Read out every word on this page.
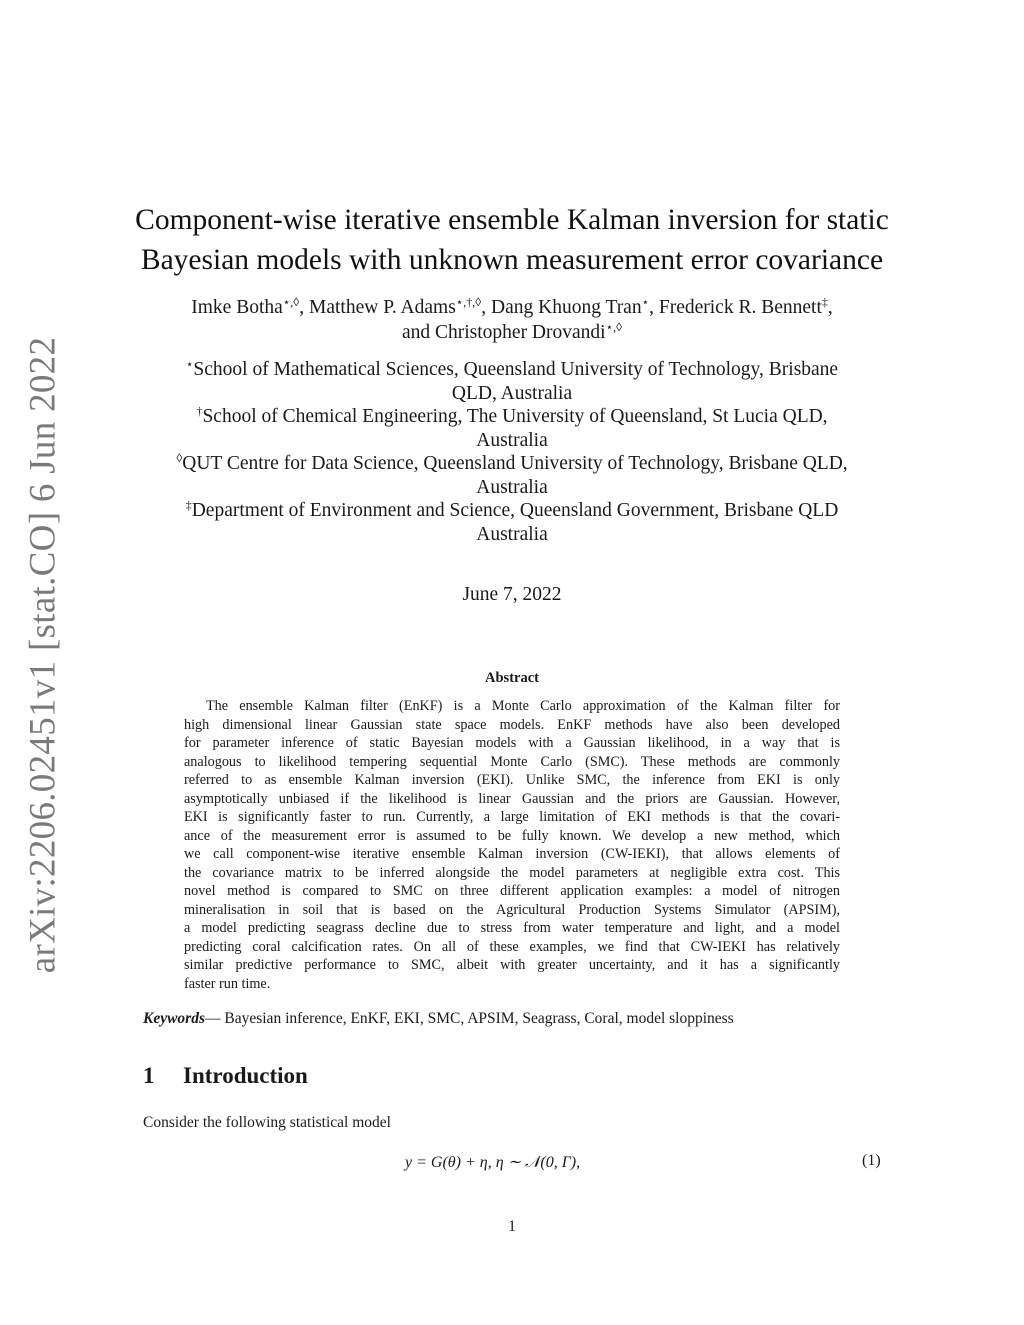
arXiv:2206.02451v1 [stat.CO] 6 Jun 2022
Component-wise iterative ensemble Kalman inversion for static
Bayesian models with unknown measurement error covariance
Imke Botha⋆,◊, Matthew P. Adams⋆,†,◊, Dang Khuong Tran⋆, Frederick R. Bennett‡,
and Christopher Drovandi⋆,◊
⋆School of Mathematical Sciences, Queensland University of Technology, Brisbane
QLD, Australia
†School of Chemical Engineering, The University of Queensland, St Lucia QLD,
Australia
◊QUT Centre for Data Science, Queensland University of Technology, Brisbane QLD,
Australia
‡Department of Environment and Science, Queensland Government, Brisbane QLD
Australia
June 7, 2022
Abstract
The ensemble Kalman filter (EnKF) is a Monte Carlo approximation of the Kalman filter for
high dimensional linear Gaussian state space models. EnKF methods have also been developed
for parameter inference of static Bayesian models with a Gaussian likelihood, in a way that is
analogous to likelihood tempering sequential Monte Carlo (SMC). These methods are commonly
referred to as ensemble Kalman inversion (EKI). Unlike SMC, the inference from EKI is only
asymptotically unbiased if the likelihood is linear Gaussian and the priors are Gaussian. However,
EKI is significantly faster to run. Currently, a large limitation of EKI methods is that the covari-
ance of the measurement error is assumed to be fully known. We develop a new method, which
we call component-wise iterative ensemble Kalman inversion (CW-IEKI), that allows elements of
the covariance matrix to be inferred alongside the model parameters at negligible extra cost. This
novel method is compared to SMC on three different application examples: a model of nitrogen
mineralisation in soil that is based on the Agricultural Production Systems Simulator (APSIM),
a model predicting seagrass decline due to stress from water temperature and light, and a model
predicting coral calcification rates. On all of these examples, we find that CW-IEKI has relatively
similar predictive performance to SMC, albeit with greater uncertainty, and it has a significantly
faster run time.
Keywords— Bayesian inference, EnKF, EKI, SMC, APSIM, Seagrass, Coral, model sloppiness
1 Introduction
Consider the following statistical model
y = G(θ) + η, η ∼ 𝒩(0, Γ),	(1)
1
